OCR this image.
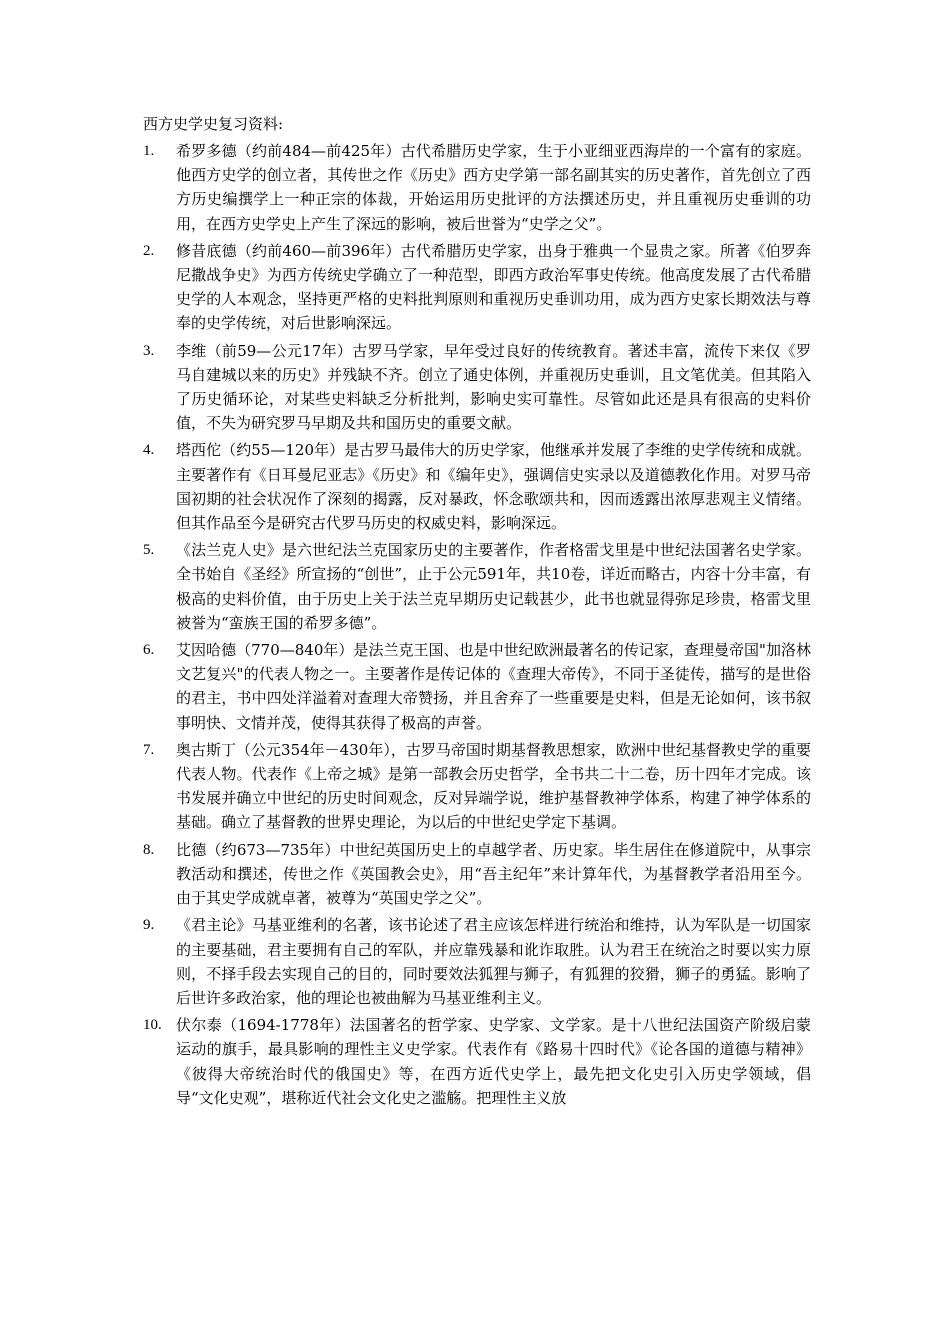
西方史学史复习资料:
1. 希罗多德（约前484—前425年）古代希腊历史学家，生于小亚细亚西海岸的一个富有的家庭。他西方史学的创立者，其传世之作《历史》西方史学第一部名副其实的历史著作，首先创立了西方历史编撰学上一种正宗的体裁，开始运用历史批评的方法撰述历史，并且重视历史垂训的功用，在西方史学史上产生了深远的影响，被后世誉为“史学之父”。
2. 修昔底德（约前460—前396年）古代希腊历史学家，出身于雅典一个显贵之家。所著《伯罗奔尼撒战争史》为西方传统史学确立了一种范型，即西方政治军事史传统。他高度发展了古代希腊史学的人本观念，坚持更严格的史料批判原则和重视历史垂训功用，成为西方史家长期效法与尊奉的史学传统，对后世影响深远。
3. 李维（前59—公元17年）古罗马学家，早年受过良好的传统教育。著述丰富，流传下来仅《罗马自建城以来的历史》并残缺不齐。创立了通史体例，并重视历史垂训，且文笔优美。但其陷入了历史循环论，对某些史料缺乏分析批判，影响史实可靠性。尽管如此还是具有很高的史料价值，不失为研究罗马早期及共和国历史的重要文献。
4. 塔西佗（约55—120年）是古罗马最伟大的历史学家，他继承并发展了李维的史学传统和成就。主要著作有《日耳曼尼亚志》《历史》和《编年史》，强调信史实录以及道德教化作用。对罗马帝国初期的社会状况作了深刻的揭露，反对暴政，怀念歌颂共和，因而透露出浓厚悲观主义情绪。但其作品至今是研究古代罗马历史的权威史料，影响深远。
5. 《法兰克人史》是六世纪法兰克国家历史的主要著作，作者格雷戈里是中世纪法国著名史学家。全书始自《圣经》所宣扬的“创世”，止于公元591年，共10卷，详近而略古，内容十分丰富，有极高的史料价值，由于历史上关于法兰克早期历史记载甚少，此书也就显得弥足珍贵，格雷戈里被誉为“蛮族王国的希罗多德”。
6. 艾因哈德（770—840年）是法兰克王国、也是中世纪欧洲最著名的传记家，查理曼帝国"加洛林文艺复兴"的代表人物之一。主要著作是传记体的《查理大帝传》，不同于圣徒传，描写的是世俗的君主，书中四处洋溢着对查理大帝赞扬，并且舍弃了一些重要是史料，但是无论如何，该书叙事明快、文情并茂，使得其获得了极高的声誉。
7. 奥古斯丁（公元354年－430年），古罗马帝国时期基督教思想家，欧洲中世纪基督教史学的重要代表人物。代表作《上帝之城》是第一部教会历史哲学，全书共二十二卷，历十四年才完成。该书发展并确立中世纪的历史时间观念，反对异端学说，维护基督教神学体系，构建了神学体系的基础。确立了基督教的世界史理论，为以后的中世纪史学定下基调。
8. 比德（约673—735年）中世纪英国历史上的卓越学者、历史家。毕生居住在修道院中，从事宗教活动和撰述，传世之作《英国教会史》，用“吾主纪年”来计算年代，为基督教学者沿用至今。由于其史学成就卓著，被尊为“英国史学之父”。
9. 《君主论》马基亚维利的名著，该书论述了君主应该怎样进行统治和维持，认为军队是一切国家的主要基础，君主要拥有自己的军队，并应靠残暴和讹诈取胜。认为君王在统治之时要以实力原则，不择手段去实现自己的目的，同时要效法狐狸与狮子，有狐狸的狡猾，狮子的勇猛。影响了后世许多政治家，他的理论也被曲解为马基亚维利主义。
10. 伏尔泰（1694-1778年）法国著名的哲学家、史学家、文学家。是十八世纪法国资产阶级启蒙运动的旗手，最具影响的理性主义史学家。代表作有《路易十四时代》《论各国的道德与精神》《彼得大帝统治时代的俄国史》等，在西方近代史学上，最先把文化史引入历史学领域，倡导“文化史观”，堪称近代社会文化史之滥觞。把理性主义放
